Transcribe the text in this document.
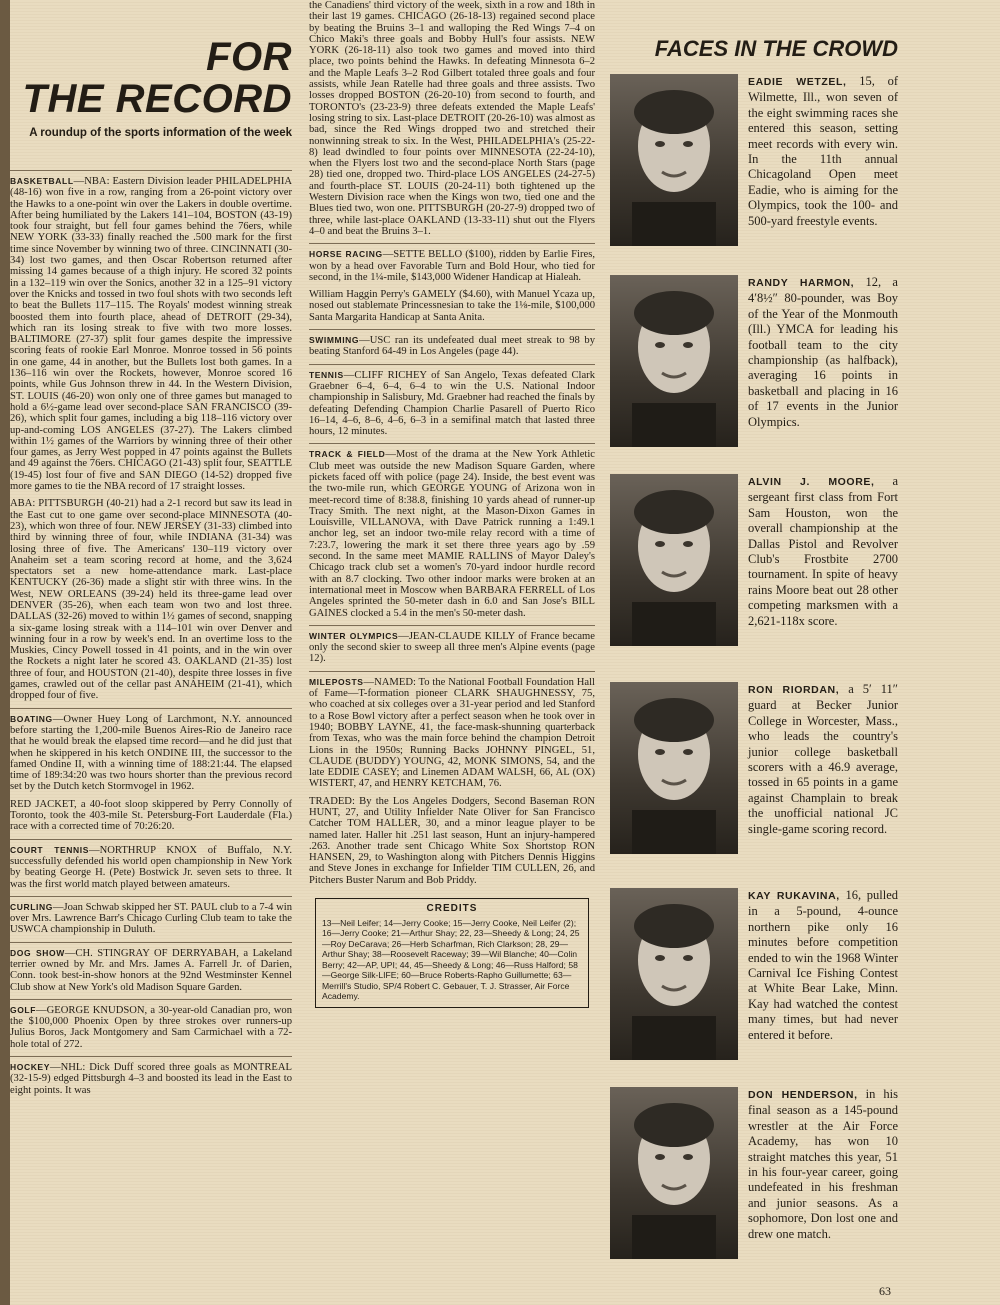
FOR
THE RECORD
A roundup of the sports information of the week

BASKETBALL—NBA: Eastern Division leader PHILADELPHIA (48-16) won five in a row, ranging from a 26-point victory over the Hawks to a one-point win over the Lakers in double overtime. After being humiliated by the Lakers 141–104, BOSTON (43-19) took four straight, but fell four games behind the 76ers, while NEW YORK (33-33) finally reached the .500 mark for the first time since November by winning two of three. CINCINNATI (30-34) lost two games, and then Oscar Robertson returned after missing 14 games because of a thigh injury. He scored 32 points in a 132–119 win over the Sonics, another 32 in a 125–91 victory over the Knicks and tossed in two foul shots with two seconds left to beat the Bullets 117–115. The Royals' modest winning streak boosted them into fourth place, ahead of DETROIT (29-34), which ran its losing streak to five with two more losses. BALTIMORE (27-37) split four games despite the impressive scoring feats of rookie Earl Monroe. Monroe tossed in 56 points in one game, 44 in another, but the Bullets lost both games. In a 136–116 win over the Rockets, however, Monroe scored 16 points, while Gus Johnson threw in 44. In the Western Division, ST. LOUIS (46-20) won only one of three games but managed to hold a 6½-game lead over second-place SAN FRANCISCO (39-26), which split four games, including a big 118–116 victory over up-and-coming LOS ANGELES (37-27). The Lakers climbed within 1½ games of the Warriors by winning three of their other four games, as Jerry West popped in 47 points against the Bullets and 49 against the 76ers. CHICAGO (21-43) split four, SEATTLE (19-45) lost four of five and SAN DIEGO (14-52) dropped five more games to tie the NBA record of 17 straight losses.

ABA: PITTSBURGH (40-21) had a 2-1 record but saw its lead in the East cut to one game over second-place MINNESOTA (40-23), which won three of four. NEW JERSEY (31-33) climbed into third by winning three of four, while INDIANA (31-34) was losing three of five. The Americans' 130–119 victory over Anaheim set a team scoring record at home, and the 3,624 spectators set a new home-attendance mark. Last-place KENTUCKY (26-36) made a slight stir with three wins. In the West, NEW ORLEANS (39-24) held its three-game lead over DENVER (35-26), when each team won two and lost three. DALLAS (32-26) moved to within 1½ games of second, snapping a six-game losing streak with a 114–101 win over Denver and winning four in a row by week's end. In an overtime loss to the Muskies, Cincy Powell tossed in 41 points, and in the win over the Rockets a night later he scored 43. OAKLAND (21-35) lost three of four, and HOUSTON (21-40), despite three losses in five games, crawled out of the cellar past ANAHEIM (21-41), which dropped four of five.

BOATING—Owner Huey Long of Larchmont, N.Y. announced before starting the 1,200-mile Buenos Aires-Rio de Janeiro race that he would break the elapsed time record—and he did just that when he skippered in his ketch ONDINE III, the successor to the famed Ondine II, with a winning time of 188:21:44. The elapsed time of 189:34:20 was two hours shorter than the previous record set by the Dutch ketch Stormvogel in 1962.

RED JACKET, a 40-foot sloop skippered by Perry Connolly of Toronto, took the 403-mile St. Petersburg-Fort Lauderdale (Fla.) race with a corrected time of 70:26:20.

COURT TENNIS—NORTHRUP KNOX of Buffalo, N.Y. successfully defended his world open championship in New York by beating George H. (Pete) Bostwick Jr. seven sets to three. It was the first world match played between amateurs.

CURLING—Joan Schwab skipped her ST. PAUL club to a 7-4 win over Mrs. Lawrence Barr's Chicago Curling Club team to take the USWCA championship in Duluth.

DOG SHOW—CH. STINGRAY OF DERRYABAH, a Lakeland terrier owned by Mr. and Mrs. James A. Farrell Jr. of Darien, Conn. took best-in-show honors at the 92nd Westminster Kennel Club show at New York's old Madison Square Garden.

GOLF—GEORGE KNUDSON, a 30-year-old Canadian pro, won the $100,000 Phoenix Open by three strokes over runners-up Julius Boros, Jack Montgomery and Sam Carmichael with a 72-hole total of 272.

HOCKEY—NHL: Dick Duff scored three goals as MONTREAL (32-15-9) edged Pittsburgh 4–3 and boosted its lead in the East to eight points. It was

the Canadiens' third victory of the week, sixth in a row and 18th in their last 19 games. CHICAGO (26-18-13) regained second place by beating the Bruins 3–1 and walloping the Red Wings 7–4 on Chico Maki's three goals and Bobby Hull's four assists. NEW YORK (26-18-11) also took two games and moved into third place, two points behind the Hawks. In defeating Minnesota 6–2 and the Maple Leafs 3–2 Rod Gilbert totaled three goals and four assists, while Jean Ratelle had three goals and three assists. Two losses dropped BOSTON (26-20-10) from second to fourth, and TORONTO's (23-23-9) three defeats extended the Maple Leafs' losing string to six. Last-place DETROIT (20-26-10) was almost as bad, since the Red Wings dropped two and stretched their nonwinning streak to six. In the West, PHILADELPHIA's (25-22-8) lead dwindled to four points over MINNESOTA (22-24-10), when the Flyers lost two and the second-place North Stars (page 28) tied one, dropped two. Third-place LOS ANGELES (24-27-5) and fourth-place ST. LOUIS (20-24-11) both tightened up the Western Division race when the Kings won two, tied one and the Blues tied two, won one. PITTSBURGH (20-27-9) dropped two of three, while last-place OAKLAND (13-33-11) shut out the Flyers 4–0 and beat the Bruins 3–1.

HORSE RACING—SETTE BELLO ($100), ridden by Earlie Fires, won by a head over Favorable Turn and Bold Hour, who tied for second, in the 1¼-mile, $143,000 Widener Handicap at Hialeah.

William Haggin Perry's GAMELY ($4.60), with Manuel Ycaza up, nosed out stablemate Princessnesian to take the 1⅛-mile, $100,000 Santa Margarita Handicap at Santa Anita.

SWIMMING—USC ran its undefeated dual meet streak to 98 by beating Stanford 64-49 in Los Angeles (page 44).

TENNIS—CLIFF RICHEY of San Angelo, Texas defeated Clark Graebner 6–4, 6–4, 6–4 to win the U.S. National Indoor championship in Salisbury, Md. Graebner had reached the finals by defeating Defending Champion Charlie Pasarell of Puerto Rico 16–14, 4–6, 8–6, 4–6, 6–3 in a semifinal match that lasted three hours, 12 minutes.

TRACK & FIELD—Most of the drama at the New York Athletic Club meet was outside the new Madison Square Garden, where pickets faced off with police (page 24). Inside, the best event was the two-mile run, which GEORGE YOUNG of Arizona won in meet-record time of 8:38.8, finishing 10 yards ahead of runner-up Tracy Smith. The next night, at the Mason-Dixon Games in Louisville, VILLANOVA, with Dave Patrick running a 1:49.1 anchor leg, set an indoor two-mile relay record with a time of 7:23.7, lowering the mark it set there three years ago by .59 second. In the same meet MAMIE RALLINS of Mayor Daley's Chicago track club set a women's 70-yard indoor hurdle record with an 8.7 clocking. Two other indoor marks were broken at an international meet in Moscow when BARBARA FERRELL of Los Angeles sprinted the 50-meter dash in 6.0 and San Jose's BILL GAINES clocked a 5.4 in the men's 50-meter dash.

WINTER OLYMPICS—JEAN-CLAUDE KILLY of France became only the second skier to sweep all three men's Alpine events (page 12).

MILEPOSTS—NAMED: To the National Football Foundation Hall of Fame—T-formation pioneer CLARK SHAUGHNESSY, 75, who coached at six colleges over a 31-year period and led Stanford to a Rose Bowl victory after a perfect season when he took over in 1940; BOBBY LAYNE, 41, the face-mask-shunning quarterback from Texas, who was the main force behind the champion Detroit Lions in the 1950s; Running Backs JOHNNY PINGEL, 51, CLAUDE (BUDDY) YOUNG, 42, MONK SIMONS, 54, and the late EDDIE CASEY; and Linemen ADAM WALSH, 66, AL (OX) WISTERT, 47, and HENRY KETCHAM, 76.

TRADED: By the Los Angeles Dodgers, Second Baseman RON HUNT, 27, and Utility Infielder Nate Oliver for San Francisco Catcher TOM HALLER, 30, and a minor league player to be named later. Haller hit .251 last season, Hunt an injury-hampered .263. Another trade sent Chicago White Sox Shortstop RON HANSEN, 29, to Washington along with Pitchers Dennis Higgins and Steve Jones in exchange for Infielder TIM CULLEN, 26, and Pitchers Buster Narum and Bob Priddy.

CREDITS
13—Neil Leifer; 14—Jerry Cooke; 15—Jerry Cooke, Neil Leifer (2); 16—Jerry Cooke; 21—Arthur Shay; 22, 23—Sheedy & Long; 24, 25—Roy DeCarava; 26—Herb Scharfman, Rich Clarkson; 28, 29—Arthur Shay; 38—Roosevelt Raceway; 39—Wil Blanche; 40—Colin Berry; 42—AP, UPI; 44, 45—Sheedy & Long; 46—Russ Halford; 58—George Silk-LIFE; 60—Bruce Roberts-Rapho Guillumette; 63—Merrill's Studio, SP/4 Robert C. Gebauer, T. J. Strasser, Air Force Academy.
FACES IN THE CROWD
EADIE WETZEL, 15, of Wilmette, Ill., won seven of the eight swimming races she entered this season, setting meet records with every win. In the 11th annual Chicagoland Open meet Eadie, who is aiming for the Olympics, took the 100- and 500-yard freestyle events.
RANDY HARMON, 12, a 4′8½″ 80-pounder, was Boy of the Year of the Monmouth (Ill.) YMCA for leading his football team to the city championship (as halfback), averaging 16 points in basketball and placing in 16 of 17 events in the Junior Olympics.
ALVIN J. MOORE, a sergeant first class from Fort Sam Houston, won the overall championship at the Dallas Pistol and Revolver Club's Frostbite 2700 tournament. In spite of heavy rains Moore beat out 28 other competing marksmen with a 2,621-118x score.
RON RIORDAN, a 5′ 11″ guard at Becker Junior College in Worcester, Mass., who leads the country's junior college basketball scorers with a 46.9 average, tossed in 65 points in a game against Champlain to break the unofficial national JC single-game scoring record.
KAY RUKAVINA, 16, pulled in a 5-pound, 4-ounce northern pike only 16 minutes before competition ended to win the 1968 Winter Carnival Ice Fishing Contest at White Bear Lake, Minn. Kay had watched the contest many times, but had never entered it before.
DON HENDERSON, in his final season as a 145-pound wrestler at the Air Force Academy, has won 10 straight matches this year, 51 in his four-year career, going undefeated in his freshman and junior seasons. As a sophomore, Don lost one and drew one match.
63
